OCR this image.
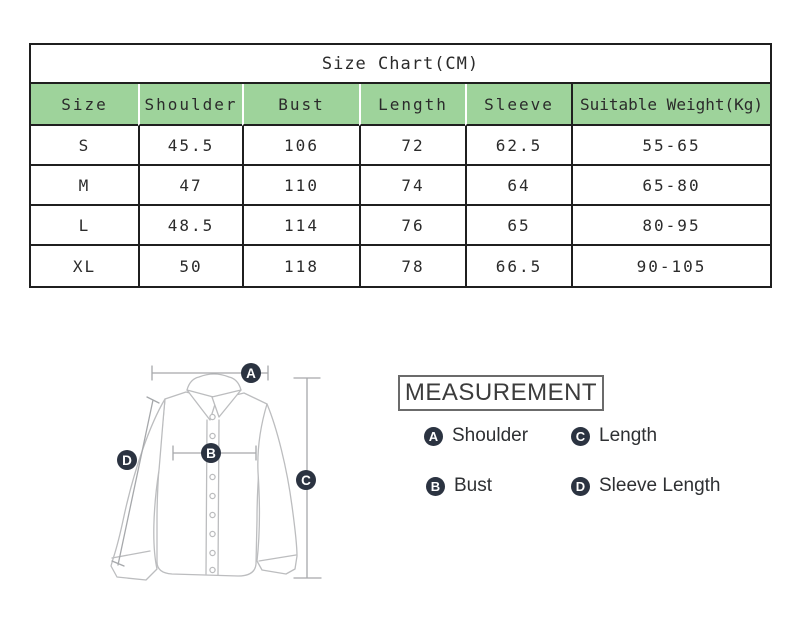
Size Chart(CM)
Size	Shoulder	Bust	Length	Sleeve	Suitable Weight(Kg)
S	45.5	106	72	62.5	55-65
M	47	110	74	64	65-80
L	48.5	114	76	65	80-95
XL	50	118	78	66.5	90-105
A
B
C
D
MEASUREMENT
A Shoulder	C Length
B Bust	D Sleeve Length
